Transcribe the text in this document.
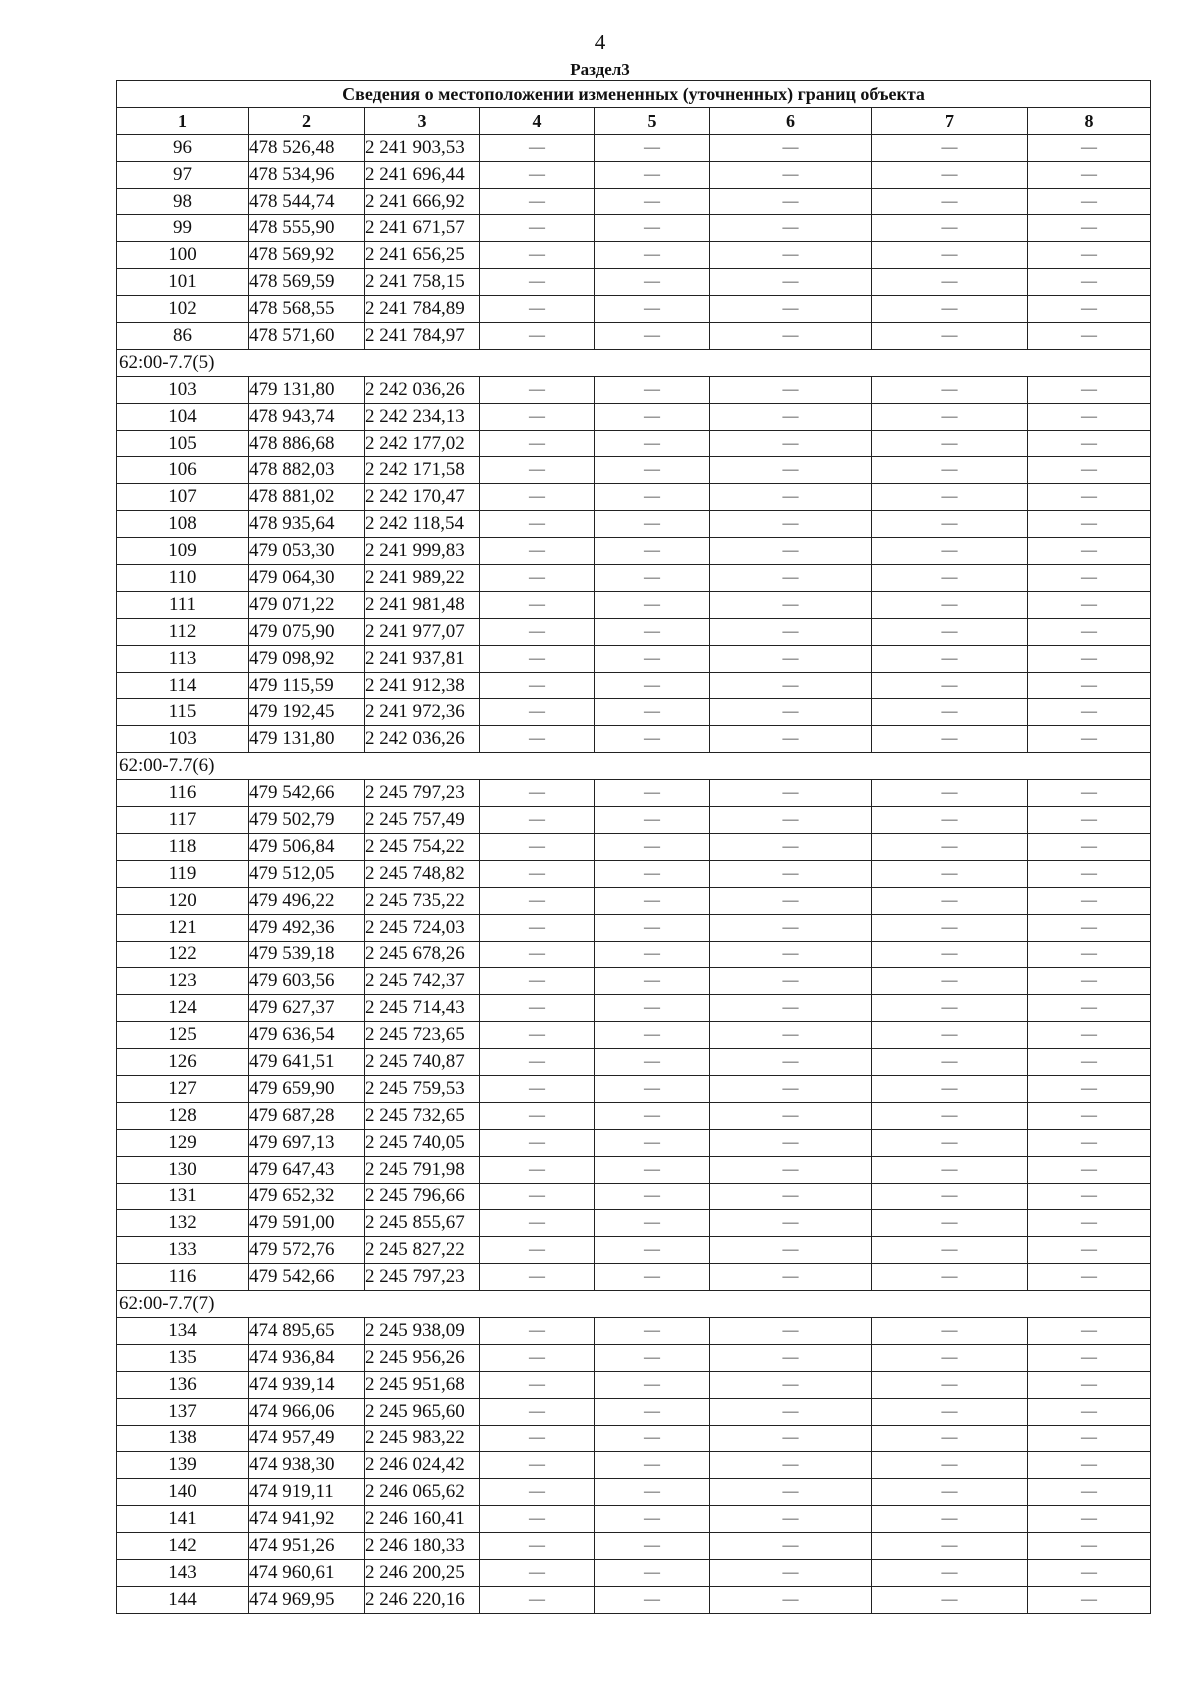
4
Раздел3
Сведения о местоположении измененных (уточненных) границ объекта							
1	2	3	4	5	6	7	8
96	478 526,48	2 241 903,53	—	—	—	—	—
97	478 534,96	2 241 696,44	—	—	—	—	—
98	478 544,74	2 241 666,92	—	—	—	—	—
99	478 555,90	2 241 671,57	—	—	—	—	—
100	478 569,92	2 241 656,25	—	—	—	—	—
101	478 569,59	2 241 758,15	—	—	—	—	—
102	478 568,55	2 241 784,89	—	—	—	—	—
86	478 571,60	2 241 784,97	—	—	—	—	—
62:00-7.7(5)							
103	479 131,80	2 242 036,26	—	—	—	—	—
104	478 943,74	2 242 234,13	—	—	—	—	—
105	478 886,68	2 242 177,02	—	—	—	—	—
106	478 882,03	2 242 171,58	—	—	—	—	—
107	478 881,02	2 242 170,47	—	—	—	—	—
108	478 935,64	2 242 118,54	—	—	—	—	—
109	479 053,30	2 241 999,83	—	—	—	—	—
110	479 064,30	2 241 989,22	—	—	—	—	—
111	479 071,22	2 241 981,48	—	—	—	—	—
112	479 075,90	2 241 977,07	—	—	—	—	—
113	479 098,92	2 241 937,81	—	—	—	—	—
114	479 115,59	2 241 912,38	—	—	—	—	—
115	479 192,45	2 241 972,36	—	—	—	—	—
103	479 131,80	2 242 036,26	—	—	—	—	—
62:00-7.7(6)							
116	479 542,66	2 245 797,23	—	—	—	—	—
117	479 502,79	2 245 757,49	—	—	—	—	—
118	479 506,84	2 245 754,22	—	—	—	—	—
119	479 512,05	2 245 748,82	—	—	—	—	—
120	479 496,22	2 245 735,22	—	—	—	—	—
121	479 492,36	2 245 724,03	—	—	—	—	—
122	479 539,18	2 245 678,26	—	—	—	—	—
123	479 603,56	2 245 742,37	—	—	—	—	—
124	479 627,37	2 245 714,43	—	—	—	—	—
125	479 636,54	2 245 723,65	—	—	—	—	—
126	479 641,51	2 245 740,87	—	—	—	—	—
127	479 659,90	2 245 759,53	—	—	—	—	—
128	479 687,28	2 245 732,65	—	—	—	—	—
129	479 697,13	2 245 740,05	—	—	—	—	—
130	479 647,43	2 245 791,98	—	—	—	—	—
131	479 652,32	2 245 796,66	—	—	—	—	—
132	479 591,00	2 245 855,67	—	—	—	—	—
133	479 572,76	2 245 827,22	—	—	—	—	—
116	479 542,66	2 245 797,23	—	—	—	—	—
62:00-7.7(7)							
134	474 895,65	2 245 938,09	—	—	—	—	—
135	474 936,84	2 245 956,26	—	—	—	—	—
136	474 939,14	2 245 951,68	—	—	—	—	—
137	474 966,06	2 245 965,60	—	—	—	—	—
138	474 957,49	2 245 983,22	—	—	—	—	—
139	474 938,30	2 246 024,42	—	—	—	—	—
140	474 919,11	2 246 065,62	—	—	—	—	—
141	474 941,92	2 246 160,41	—	—	—	—	—
142	474 951,26	2 246 180,33	—	—	—	—	—
143	474 960,61	2 246 200,25	—	—	—	—	—
144	474 969,95	2 246 220,16	—	—	—	—	—
